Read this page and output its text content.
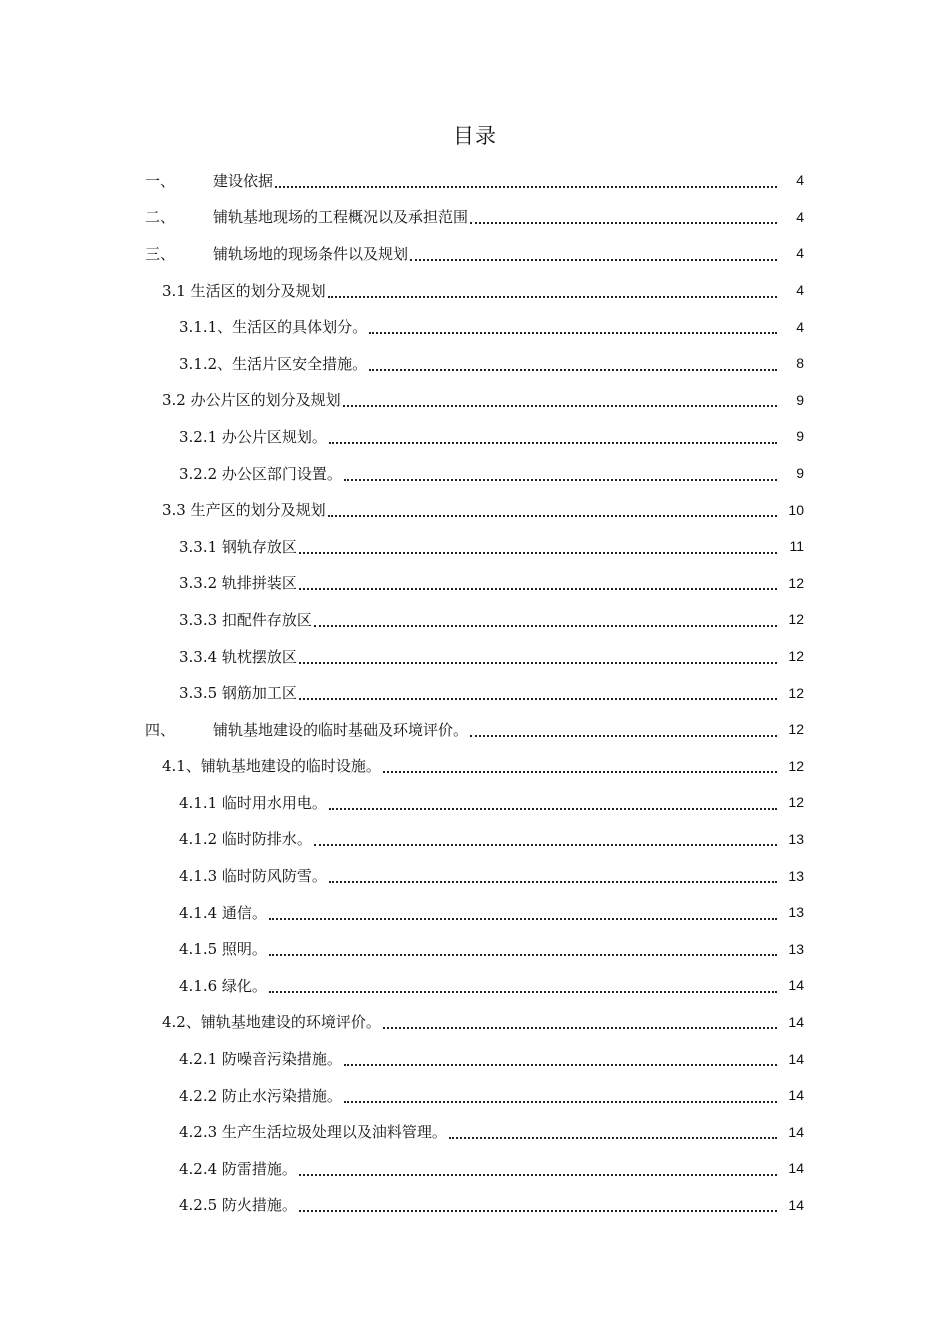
目录
一、	建设依据	4
二、	铺轨基地现场的工程概况以及承担范围	4
三、	铺轨场地的现场条件以及规划	4
3.1 生活区的划分及规划	4
3.1.1、生活区的具体划分。	4
3.1.2、生活片区安全措施。	8
3.2 办公片区的划分及规划	9
3.2.1 办公片区规划。	9
3.2.2 办公区部门设置。	9
3.3 生产区的划分及规划	10
3.3.1 钢轨存放区	11
3.3.2 轨排拼装区	12
3.3.3 扣配件存放区	12
3.3.4 轨枕摆放区	12
3.3.5 钢筋加工区	12
四、	铺轨基地建设的临时基础及环境评价。	12
4.1、铺轨基地建设的临时设施。	12
4.1.1 临时用水用电。	12
4.1.2 临时防排水。	13
4.1.3 临时防风防雪。	13
4.1.4 通信。	13
4.1.5 照明。	13
4.1.6 绿化。	14
4.2、铺轨基地建设的环境评价。	14
4.2.1 防噪音污染措施。	14
4.2.2 防止水污染措施。	14
4.2.3 生产生活垃圾处理以及油料管理。	14
4.2.4 防雷措施。	14
4.2.5 防火措施。	14
